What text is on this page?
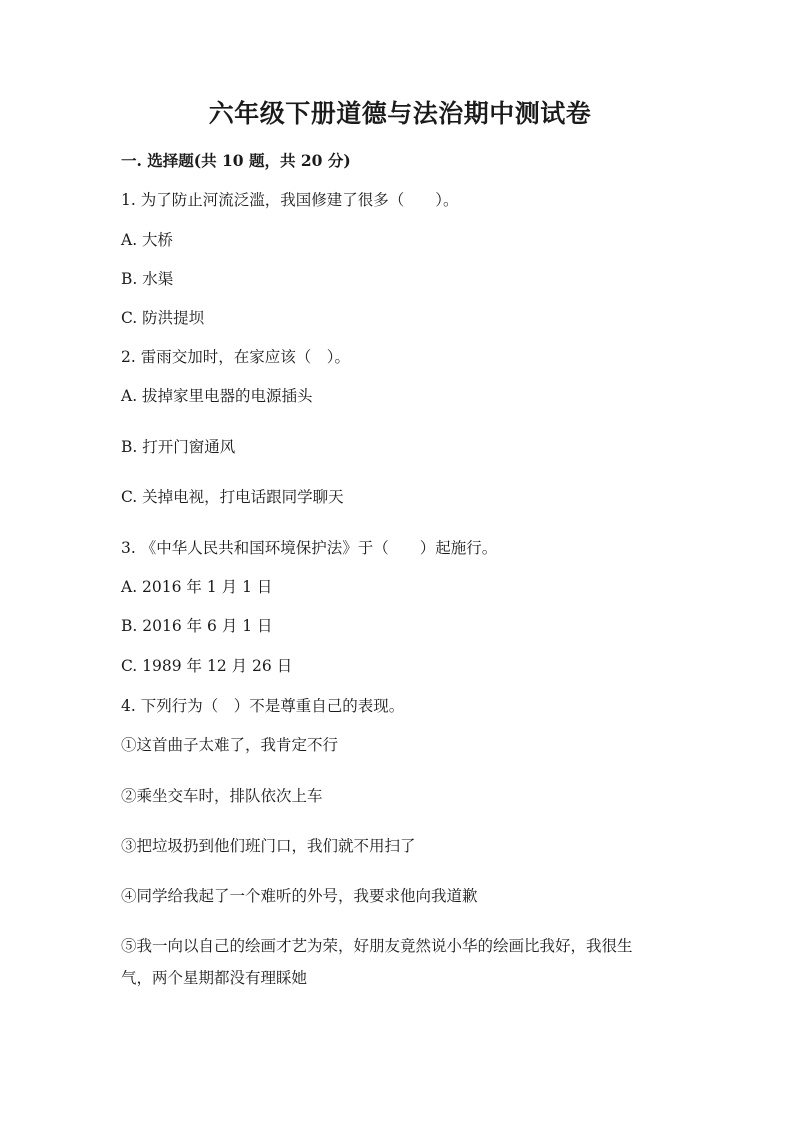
六年级下册道德与法治期中测试卷
一. 选择题(共 10 题，共 20 分)
1. 为了防止河流泛滥，我国修建了很多（　　）。
A. 大桥
B. 水渠
C. 防洪提坝
2. 雷雨交加时，在家应该（　）。
A. 拔掉家里电器的电源插头
B. 打开门窗通风
C. 关掉电视，打电话跟同学聊天
3. 《中华人民共和国环境保护法》于（　　）起施行。
A. 2016 年 1 月 1 日
B. 2016 年 6 月 1 日
C. 1989 年 12 月 26 日
4. 下列行为（　）不是尊重自己的表现。
①这首曲子太难了，我肯定不行
②乘坐交车时，排队依次上车
③把垃圾扔到他们班门口，我们就不用扫了
④同学给我起了一个难听的外号，我要求他向我道歉
⑤我一向以自己的绘画才艺为荣，好朋友竟然说小华的绘画比我好，我很生
气，两个星期都没有理睬她
